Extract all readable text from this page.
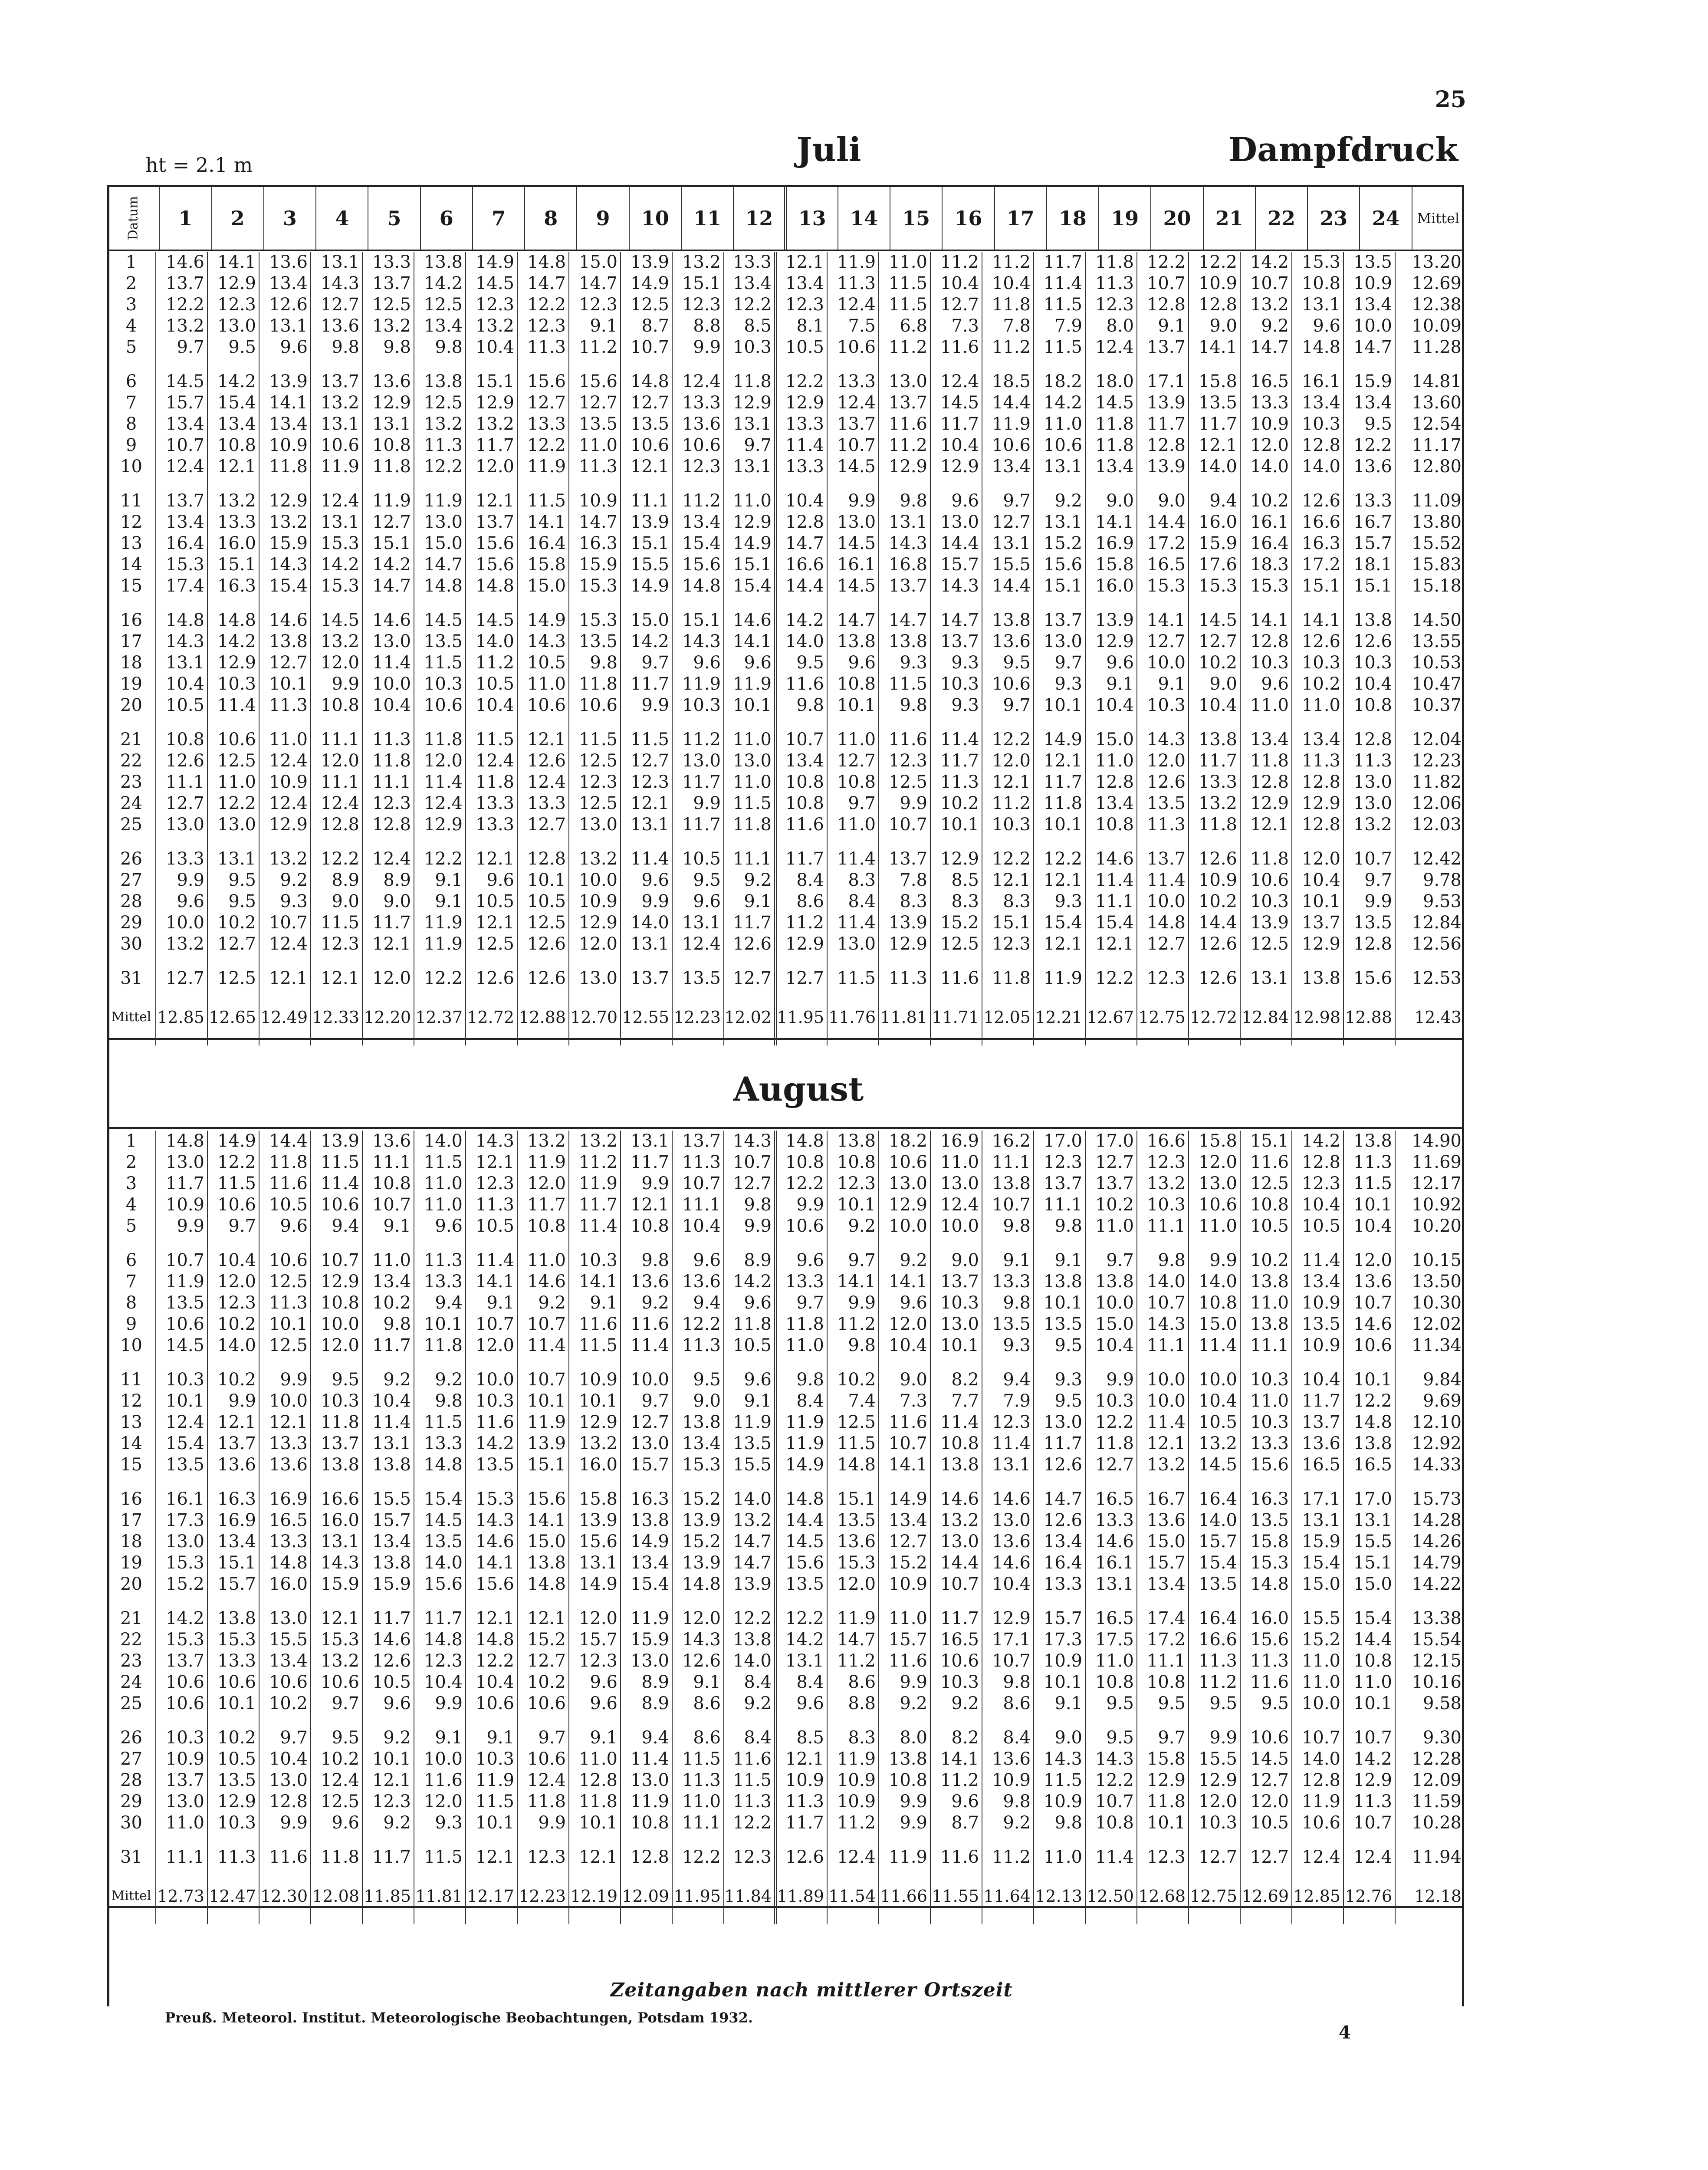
25
ht = 2.1 m	Juli	Dampfdruck
Datum	1	2	3	4	5	6	7	8	9	10	11	12	13	14	15	16	17	18	19	20	21	22	23	24	Mittel
1	14.6	14.1	13.6	13.1	13.3	13.8	14.9	14.8	15.0	13.9	13.2	13.3	12.1	11.9	11.0	11.2	11.2	11.7	11.8	12.2	12.2	14.2	15.3	13.5	13.20
2	13.7	12.9	13.4	14.3	13.7	14.2	14.5	14.7	14.7	14.9	15.1	13.4	13.4	11.3	11.5	10.4	10.4	11.4	11.3	10.7	10.9	10.7	10.8	10.9	12.69
3	12.2	12.3	12.6	12.7	12.5	12.5	12.3	12.2	12.3	12.5	12.3	12.2	12.3	12.4	11.5	12.7	11.8	11.5	12.3	12.8	12.8	13.2	13.1	13.4	12.38
4	13.2	13.0	13.1	13.6	13.2	13.4	13.2	12.3	9.1	8.7	8.8	8.5	8.1	7.5	6.8	7.3	7.8	7.9	8.0	9.1	9.0	9.2	9.6	10.0	10.09
5	9.7	9.5	9.6	9.8	9.8	9.8	10.4	11.3	11.2	10.7	9.9	10.3	10.5	10.6	11.2	11.6	11.2	11.5	12.4	13.7	14.1	14.7	14.8	14.7	11.28

6	14.5	14.2	13.9	13.7	13.6	13.8	15.1	15.6	15.6	14.8	12.4	11.8	12.2	13.3	13.0	12.4	18.5	18.2	18.0	17.1	15.8	16.5	16.1	15.9	14.81
7	15.7	15.4	14.1	13.2	12.9	12.5	12.9	12.7	12.7	12.7	13.3	12.9	12.9	12.4	13.7	14.5	14.4	14.2	14.5	13.9	13.5	13.3	13.4	13.4	13.60
8	13.4	13.4	13.4	13.1	13.1	13.2	13.2	13.3	13.5	13.5	13.6	13.1	13.3	13.7	11.6	11.7	11.9	11.0	11.8	11.7	11.7	10.9	10.3	9.5	12.54
9	10.7	10.8	10.9	10.6	10.8	11.3	11.7	12.2	11.0	10.6	10.6	9.7	11.4	10.7	11.2	10.4	10.6	10.6	11.8	12.8	12.1	12.0	12.8	12.2	11.17
10	12.4	12.1	11.8	11.9	11.8	12.2	12.0	11.9	11.3	12.1	12.3	13.1	13.3	14.5	12.9	12.9	13.4	13.1	13.4	13.9	14.0	14.0	14.0	13.6	12.80

11	13.7	13.2	12.9	12.4	11.9	11.9	12.1	11.5	10.9	11.1	11.2	11.0	10.4	9.9	9.8	9.6	9.7	9.2	9.0	9.0	9.4	10.2	12.6	13.3	11.09
12	13.4	13.3	13.2	13.1	12.7	13.0	13.7	14.1	14.7	13.9	13.4	12.9	12.8	13.0	13.1	13.0	12.7	13.1	14.1	14.4	16.0	16.1	16.6	16.7	13.80
13	16.4	16.0	15.9	15.3	15.1	15.0	15.6	16.4	16.3	15.1	15.4	14.9	14.7	14.5	14.3	14.4	13.1	15.2	16.9	17.2	15.9	16.4	16.3	15.7	15.52
14	15.3	15.1	14.3	14.2	14.2	14.7	15.6	15.8	15.9	15.5	15.6	15.1	16.6	16.1	16.8	15.7	15.5	15.6	15.8	16.5	17.6	18.3	17.2	18.1	15.83
15	17.4	16.3	15.4	15.3	14.7	14.8	14.8	15.0	15.3	14.9	14.8	15.4	14.4	14.5	13.7	14.3	14.4	15.1	16.0	15.3	15.3	15.3	15.1	15.1	15.18

16	14.8	14.8	14.6	14.5	14.6	14.5	14.5	14.9	15.3	15.0	15.1	14.6	14.2	14.7	14.7	14.7	13.8	13.7	13.9	14.1	14.5	14.1	14.1	13.8	14.50
17	14.3	14.2	13.8	13.2	13.0	13.5	14.0	14.3	13.5	14.2	14.3	14.1	14.0	13.8	13.8	13.7	13.6	13.0	12.9	12.7	12.7	12.8	12.6	12.6	13.55
18	13.1	12.9	12.7	12.0	11.4	11.5	11.2	10.5	9.8	9.7	9.6	9.6	9.5	9.6	9.3	9.3	9.5	9.7	9.6	10.0	10.2	10.3	10.3	10.3	10.53
19	10.4	10.3	10.1	9.9	10.0	10.3	10.5	11.0	11.8	11.7	11.9	11.9	11.6	10.8	11.5	10.3	10.6	9.3	9.1	9.1	9.0	9.6	10.2	10.4	10.47
20	10.5	11.4	11.3	10.8	10.4	10.6	10.4	10.6	10.6	9.9	10.3	10.1	9.8	10.1	9.8	9.3	9.7	10.1	10.4	10.3	10.4	11.0	11.0	10.8	10.37

21	10.8	10.6	11.0	11.1	11.3	11.8	11.5	12.1	11.5	11.5	11.2	11.0	10.7	11.0	11.6	11.4	12.2	14.9	15.0	14.3	13.8	13.4	13.4	12.8	12.04
22	12.6	12.5	12.4	12.0	11.8	12.0	12.4	12.6	12.5	12.7	13.0	13.0	13.4	12.7	12.3	11.7	12.0	12.1	11.0	12.0	11.7	11.8	11.3	11.3	12.23
23	11.1	11.0	10.9	11.1	11.1	11.4	11.8	12.4	12.3	12.3	11.7	11.0	10.8	10.8	12.5	11.3	12.1	11.7	12.8	12.6	13.3	12.8	12.8	13.0	11.82
24	12.7	12.2	12.4	12.4	12.3	12.4	13.3	13.3	12.5	12.1	9.9	11.5	10.8	9.7	9.9	10.2	11.2	11.8	13.4	13.5	13.2	12.9	12.9	13.0	12.06
25	13.0	13.0	12.9	12.8	12.8	12.9	13.3	12.7	13.0	13.1	11.7	11.8	11.6	11.0	10.7	10.1	10.3	10.1	10.8	11.3	11.8	12.1	12.8	13.2	12.03

26	13.3	13.1	13.2	12.2	12.4	12.2	12.1	12.8	13.2	11.4	10.5	11.1	11.7	11.4	13.7	12.9	12.2	12.2	14.6	13.7	12.6	11.8	12.0	10.7	12.42
27	9.9	9.5	9.2	8.9	8.9	9.1	9.6	10.1	10.0	9.6	9.5	9.2	8.4	8.3	7.8	8.5	12.1	12.1	11.4	11.4	10.9	10.6	10.4	9.7	9.78
28	9.6	9.5	9.3	9.0	9.0	9.1	10.5	10.5	10.9	9.9	9.6	9.1	8.6	8.4	8.3	8.3	8.3	9.3	11.1	10.0	10.2	10.3	10.1	9.9	9.53
29	10.0	10.2	10.7	11.5	11.7	11.9	12.1	12.5	12.9	14.0	13.1	11.7	11.2	11.4	13.9	15.2	15.1	15.4	15.4	14.8	14.4	13.9	13.7	13.5	12.84
30	13.2	12.7	12.4	12.3	12.1	11.9	12.5	12.6	12.0	13.1	12.4	12.6	12.9	13.0	12.9	12.5	12.3	12.1	12.1	12.7	12.6	12.5	12.9	12.8	12.56

31	12.7	12.5	12.1	12.1	12.0	12.2	12.6	12.6	13.0	13.7	13.5	12.7	12.7	11.5	11.3	11.6	11.8	11.9	12.2	12.3	12.6	13.1	13.8	15.6	12.53
Mittel	12.85	12.65	12.49	12.33	12.20	12.37	12.72	12.88	12.70	12.55	12.23	12.02	11.95	11.76	11.81	11.71	12.05	12.21	12.67	12.75	12.72	12.84	12.98	12.88	12.43
August
1	14.8	14.9	14.4	13.9	13.6	14.0	14.3	13.2	13.2	13.1	13.7	14.3	14.8	13.8	18.2	16.9	16.2	17.0	17.0	16.6	15.8	15.1	14.2	13.8	14.90
2	13.0	12.2	11.8	11.5	11.1	11.5	12.1	11.9	11.2	11.7	11.3	10.7	10.8	10.8	10.6	11.0	11.1	12.3	12.7	12.3	12.0	11.6	12.8	11.3	11.69
3	11.7	11.5	11.6	11.4	10.8	11.0	12.3	12.0	11.9	9.9	10.7	12.7	12.2	12.3	13.0	13.0	13.8	13.7	13.7	13.2	13.0	12.5	12.3	11.5	12.17
4	10.9	10.6	10.5	10.6	10.7	11.0	11.3	11.7	11.7	12.1	11.1	9.8	9.9	10.1	12.9	12.4	10.7	11.1	10.2	10.3	10.6	10.8	10.4	10.1	10.92
5	9.9	9.7	9.6	9.4	9.1	9.6	10.5	10.8	11.4	10.8	10.4	9.9	10.6	9.2	10.0	10.0	9.8	9.8	11.0	11.1	11.0	10.5	10.5	10.4	10.20

6	10.7	10.4	10.6	10.7	11.0	11.3	11.4	11.0	10.3	9.8	9.6	8.9	9.6	9.7	9.2	9.0	9.1	9.1	9.7	9.8	9.9	10.2	11.4	12.0	10.15
7	11.9	12.0	12.5	12.9	13.4	13.3	14.1	14.6	14.1	13.6	13.6	14.2	13.3	14.1	14.1	13.7	13.3	13.8	13.8	14.0	14.0	13.8	13.4	13.6	13.50
8	13.5	12.3	11.3	10.8	10.2	9.4	9.1	9.2	9.1	9.2	9.4	9.6	9.7	9.9	9.6	10.3	9.8	10.1	10.0	10.7	10.8	11.0	10.9	10.7	10.30
9	10.6	10.2	10.1	10.0	9.8	10.1	10.7	10.7	11.6	11.6	12.2	11.8	11.8	11.2	12.0	13.0	13.5	13.5	15.0	14.3	15.0	13.8	13.5	14.6	12.02
10	14.5	14.0	12.5	12.0	11.7	11.8	12.0	11.4	11.5	11.4	11.3	10.5	11.0	9.8	10.4	10.1	9.3	9.5	10.4	11.1	11.4	11.1	10.9	10.6	11.34

11	10.3	10.2	9.9	9.5	9.2	9.2	10.0	10.7	10.9	10.0	9.5	9.6	9.8	10.2	9.0	8.2	9.4	9.3	9.9	10.0	10.0	10.3	10.4	10.1	9.84
12	10.1	9.9	10.0	10.3	10.4	9.8	10.3	10.1	10.1	9.7	9.0	9.1	8.4	7.4	7.3	7.7	7.9	9.5	10.3	10.0	10.4	11.0	11.7	12.2	9.69
13	12.4	12.1	12.1	11.8	11.4	11.5	11.6	11.9	12.9	12.7	13.8	11.9	11.9	12.5	11.6	11.4	12.3	13.0	12.2	11.4	10.5	10.3	13.7	14.8	12.10
14	15.4	13.7	13.3	13.7	13.1	13.3	14.2	13.9	13.2	13.0	13.4	13.5	11.9	11.5	10.7	10.8	11.4	11.7	11.8	12.1	13.2	13.3	13.6	13.8	12.92
15	13.5	13.6	13.6	13.8	13.8	14.8	13.5	15.1	16.0	15.7	15.3	15.5	14.9	14.8	14.1	13.8	13.1	12.6	12.7	13.2	14.5	15.6	16.5	16.5	14.33

16	16.1	16.3	16.9	16.6	15.5	15.4	15.3	15.6	15.8	16.3	15.2	14.0	14.8	15.1	14.9	14.6	14.6	14.7	16.5	16.7	16.4	16.3	17.1	17.0	15.73
17	17.3	16.9	16.5	16.0	15.7	14.5	14.3	14.1	13.9	13.8	13.9	13.2	14.4	13.5	13.4	13.2	13.0	12.6	13.3	13.6	14.0	13.5	13.1	13.1	14.28
18	13.0	13.4	13.3	13.1	13.4	13.5	14.6	15.0	15.6	14.9	15.2	14.7	14.5	13.6	12.7	13.0	13.6	13.4	14.6	15.0	15.7	15.8	15.9	15.5	14.26
19	15.3	15.1	14.8	14.3	13.8	14.0	14.1	13.8	13.1	13.4	13.9	14.7	15.6	15.3	15.2	14.4	14.6	16.4	16.1	15.7	15.4	15.3	15.4	15.1	14.79
20	15.2	15.7	16.0	15.9	15.9	15.6	15.6	14.8	14.9	15.4	14.8	13.9	13.5	12.0	10.9	10.7	10.4	13.3	13.1	13.4	13.5	14.8	15.0	15.0	14.22

21	14.2	13.8	13.0	12.1	11.7	11.7	12.1	12.1	12.0	11.9	12.0	12.2	12.2	11.9	11.0	11.7	12.9	15.7	16.5	17.4	16.4	16.0	15.5	15.4	13.38
22	15.3	15.3	15.5	15.3	14.6	14.8	14.8	15.2	15.7	15.9	14.3	13.8	14.2	14.7	15.7	16.5	17.1	17.3	17.5	17.2	16.6	15.6	15.2	14.4	15.54
23	13.7	13.3	13.4	13.2	12.6	12.3	12.2	12.7	12.3	13.0	12.6	14.0	13.1	11.2	11.6	10.6	10.7	10.9	11.0	11.1	11.3	11.3	11.0	10.8	12.15
24	10.6	10.6	10.6	10.6	10.5	10.4	10.4	10.2	9.6	8.9	9.1	8.4	8.4	8.6	9.9	10.3	9.8	10.1	10.8	10.8	11.2	11.6	11.0	11.0	10.16
25	10.6	10.1	10.2	9.7	9.6	9.9	10.6	10.6	9.6	8.9	8.6	9.2	9.6	8.8	9.2	9.2	8.6	9.1	9.5	9.5	9.5	9.5	10.0	10.1	9.58

26	10.3	10.2	9.7	9.5	9.2	9.1	9.1	9.7	9.1	9.4	8.6	8.4	8.5	8.3	8.0	8.2	8.4	9.0	9.5	9.7	9.9	10.6	10.7	10.7	9.30
27	10.9	10.5	10.4	10.2	10.1	10.0	10.3	10.6	11.0	11.4	11.5	11.6	12.1	11.9	13.8	14.1	13.6	14.3	14.3	15.8	15.5	14.5	14.0	14.2	12.28
28	13.7	13.5	13.0	12.4	12.1	11.6	11.9	12.4	12.8	13.0	11.3	11.5	10.9	10.9	10.8	11.2	10.9	11.5	12.2	12.9	12.9	12.7	12.8	12.9	12.09
29	13.0	12.9	12.8	12.5	12.3	12.0	11.5	11.8	11.8	11.9	11.0	11.3	11.3	10.9	9.9	9.6	9.8	10.9	10.7	11.8	12.0	12.0	11.9	11.3	11.59
30	11.0	10.3	9.9	9.6	9.2	9.3	10.1	9.9	10.1	10.8	11.1	12.2	11.7	11.2	9.9	8.7	9.2	9.8	10.8	10.1	10.3	10.5	10.6	10.7	10.28

31	11.1	11.3	11.6	11.8	11.7	11.5	12.1	12.3	12.1	12.8	12.2	12.3	12.6	12.4	11.9	11.6	11.2	11.0	11.4	12.3	12.7	12.7	12.4	12.4	11.94
Mittel	12.73	12.47	12.30	12.08	11.85	11.81	12.17	12.23	12.19	12.09	11.95	11.84	11.89	11.54	11.66	11.55	11.64	12.13	12.50	12.68	12.75	12.69	12.85	12.76	12.18
Zeitangaben nach mittlerer Ortszeit
Preuß. Meteorol. Institut. Meteorologische Beobachtungen, Potsdam 1932.
4
